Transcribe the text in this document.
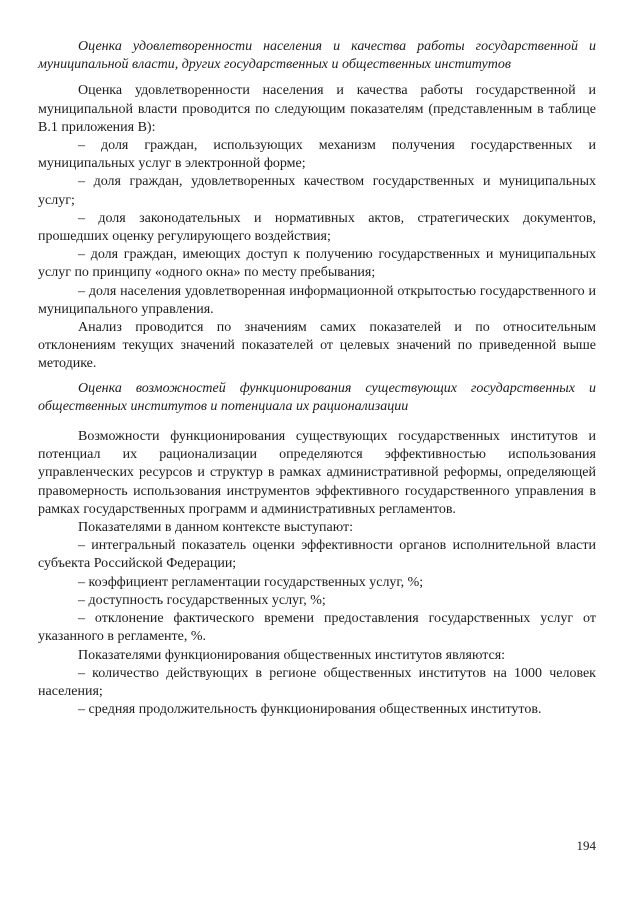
Оценка удовлетворенности населения и качества работы государственной и муниципальной власти, других государственных и общественных институтов

Оценка удовлетворенности населения и качества работы государственной и муниципальной власти проводится по следующим показателям (представленным в таблице В.1 приложения В):

– доля граждан, использующих механизм получения государственных и муниципальных услуг в электронной форме;

– доля граждан, удовлетворенных качеством государственных и муниципальных услуг;

– доля законодательных и нормативных актов, стратегических документов, прошедших оценку регулирующего воздействия;

– доля граждан, имеющих доступ к получению государственных и муниципальных услуг по принципу «одного окна» по месту пребывания;

– доля населения удовлетворенная информационной открытостью государственного и муниципального управления.

Анализ проводится по значениям самих показателей и по относительным отклонениям текущих значений показателей от целевых значений по приведенной выше методике.

Оценка возможностей функционирования существующих государственных и общественных институтов и потенциала их рационализации

Возможности функционирования существующих государственных институтов и потенциал их рационализации определяются эффективностью использования управленческих ресурсов и структур в рамках административной реформы, определяющей правомерность использования инструментов эффективного государственного управления в рамках государственных программ и административных регламентов.

Показателями в данном контексте выступают:

– интегральный показатель оценки эффективности органов исполнительной власти субъекта Российской Федерации;

– коэффициент регламентации государственных услуг, %;

– доступность государственных услуг, %;

– отклонение фактического времени предоставления государственных услуг от указанного в регламенте, %.

Показателями функционирования общественных институтов являются:

– количество действующих в регионе общественных институтов на 1000 человек населения;

– средняя продолжительность функционирования общественных институтов.

194
